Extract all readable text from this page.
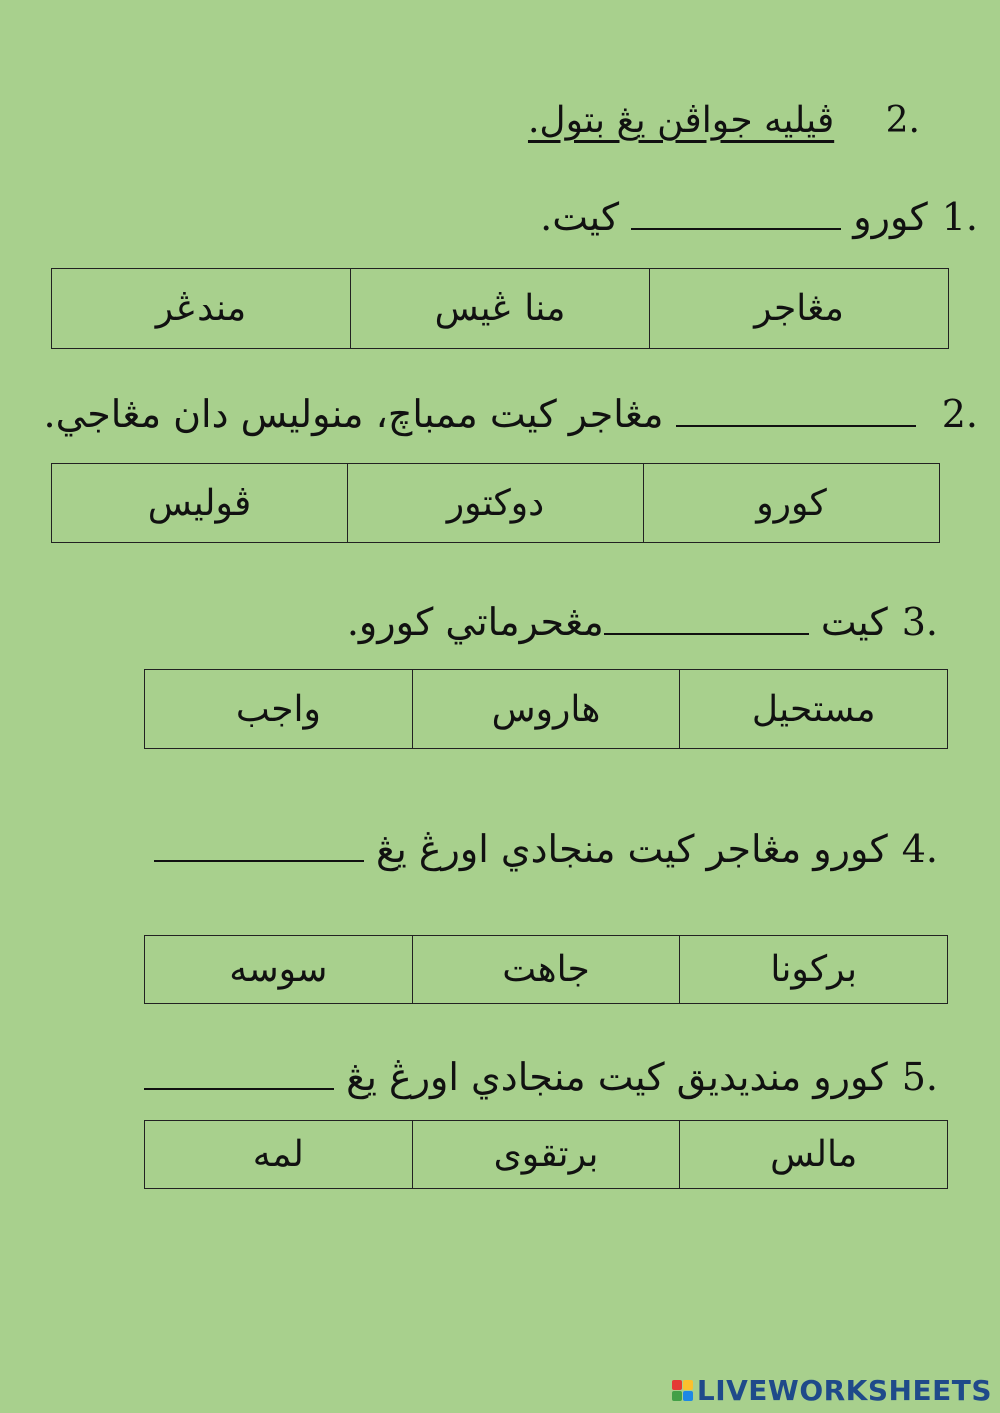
2. ڤيليه جواڤن يڠ بتول.
1.كورو  كيت.
مڠاجر	منا ڠيس	مندڠر
2.  مڠاجر كيت ممباچ، منوليس دان مڠاجي.
كورو	دوكتور	ڤوليس
3.كيت مڠحرماتي كورو.
مستحيل	هاروس	واجب
4.كورو مڠاجر كيت منجادي اورڠ يڠ
بركونا	جاهت	سوسه
5.كورو منديديق كيت منجادي اورڠ يڠ
مالس	برتقوى	لمه
LIVEWORKSHEETS
